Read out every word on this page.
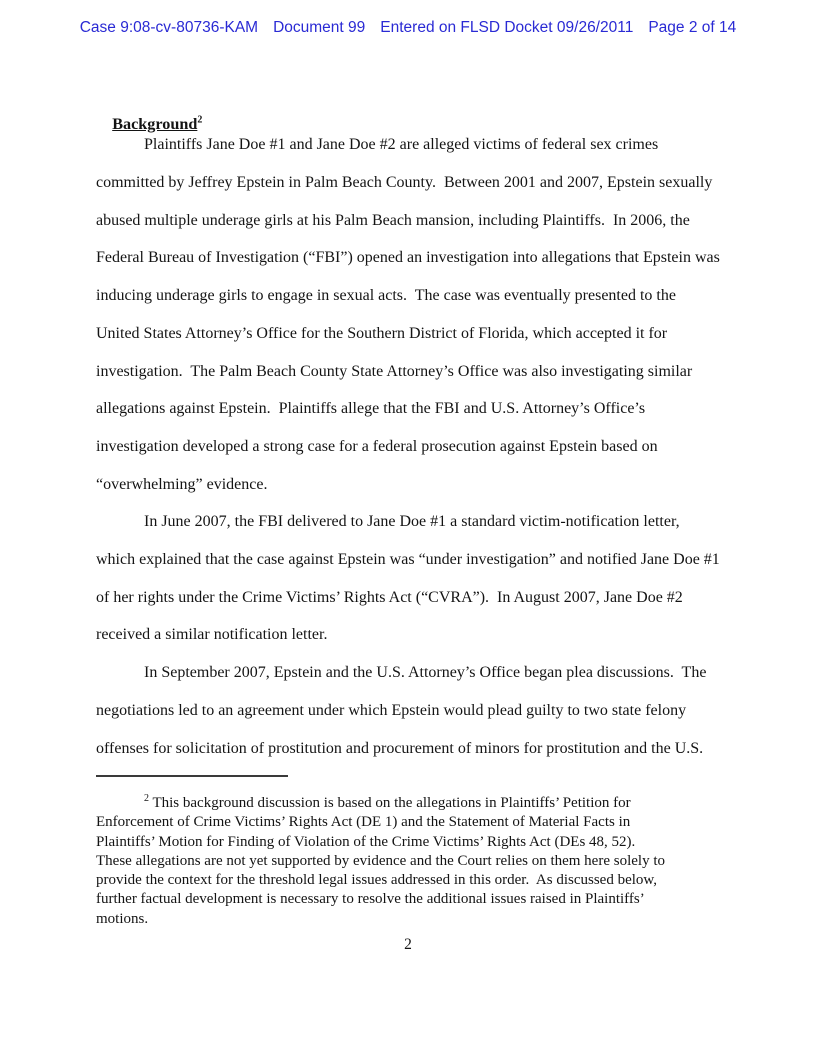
Case 9:08-cv-80736-KAM Document 99 Entered on FLSD Docket 09/26/2011 Page 2 of 14

Background$^2$

Plaintiffs Jane Doe #1 and Jane Doe #2 are alleged victims of federal sex crimes
committed by Jeffrey Epstein in Palm Beach County.  Between 2001 and 2007, Epstein sexually
abused multiple underage girls at his Palm Beach mansion, including Plaintiffs.  In 2006, the
Federal Bureau of Investigation (“FBI”) opened an investigation into allegations that Epstein was
inducing underage girls to engage in sexual acts.  The case was eventually presented to the
United States Attorney’s Office for the Southern District of Florida, which accepted it for
investigation.  The Palm Beach County State Attorney’s Office was also investigating similar
allegations against Epstein.  Plaintiffs allege that the FBI and U.S. Attorney’s Office’s
investigation developed a strong case for a federal prosecution against Epstein based on
“overwhelming” evidence.
In June 2007, the FBI delivered to Jane Doe #1 a standard victim-notification letter,
which explained that the case against Epstein was “under investigation” and notified Jane Doe #1
of her rights under the Crime Victims’ Rights Act (“CVRA”).  In August 2007, Jane Doe #2
received a similar notification letter.
In September 2007, Epstein and the U.S. Attorney’s Office began plea discussions.  The
negotiations led to an agreement under which Epstein would plead guilty to two state felony
offenses for solicitation of prostitution and procurement of minors for prostitution and the U.S.
$^2$ This background discussion is based on the allegations in Plaintiffs’ Petition for
Enforcement of Crime Victims’ Rights Act (DE 1) and the Statement of Material Facts in
Plaintiffs’ Motion for Finding of Violation of the Crime Victims’ Rights Act (DEs 48, 52).
These allegations are not yet supported by evidence and the Court relies on them here solely to
provide the context for the threshold legal issues addressed in this order.  As discussed below,
further factual development is necessary to resolve the additional issues raised in Plaintiffs’
motions.
2
